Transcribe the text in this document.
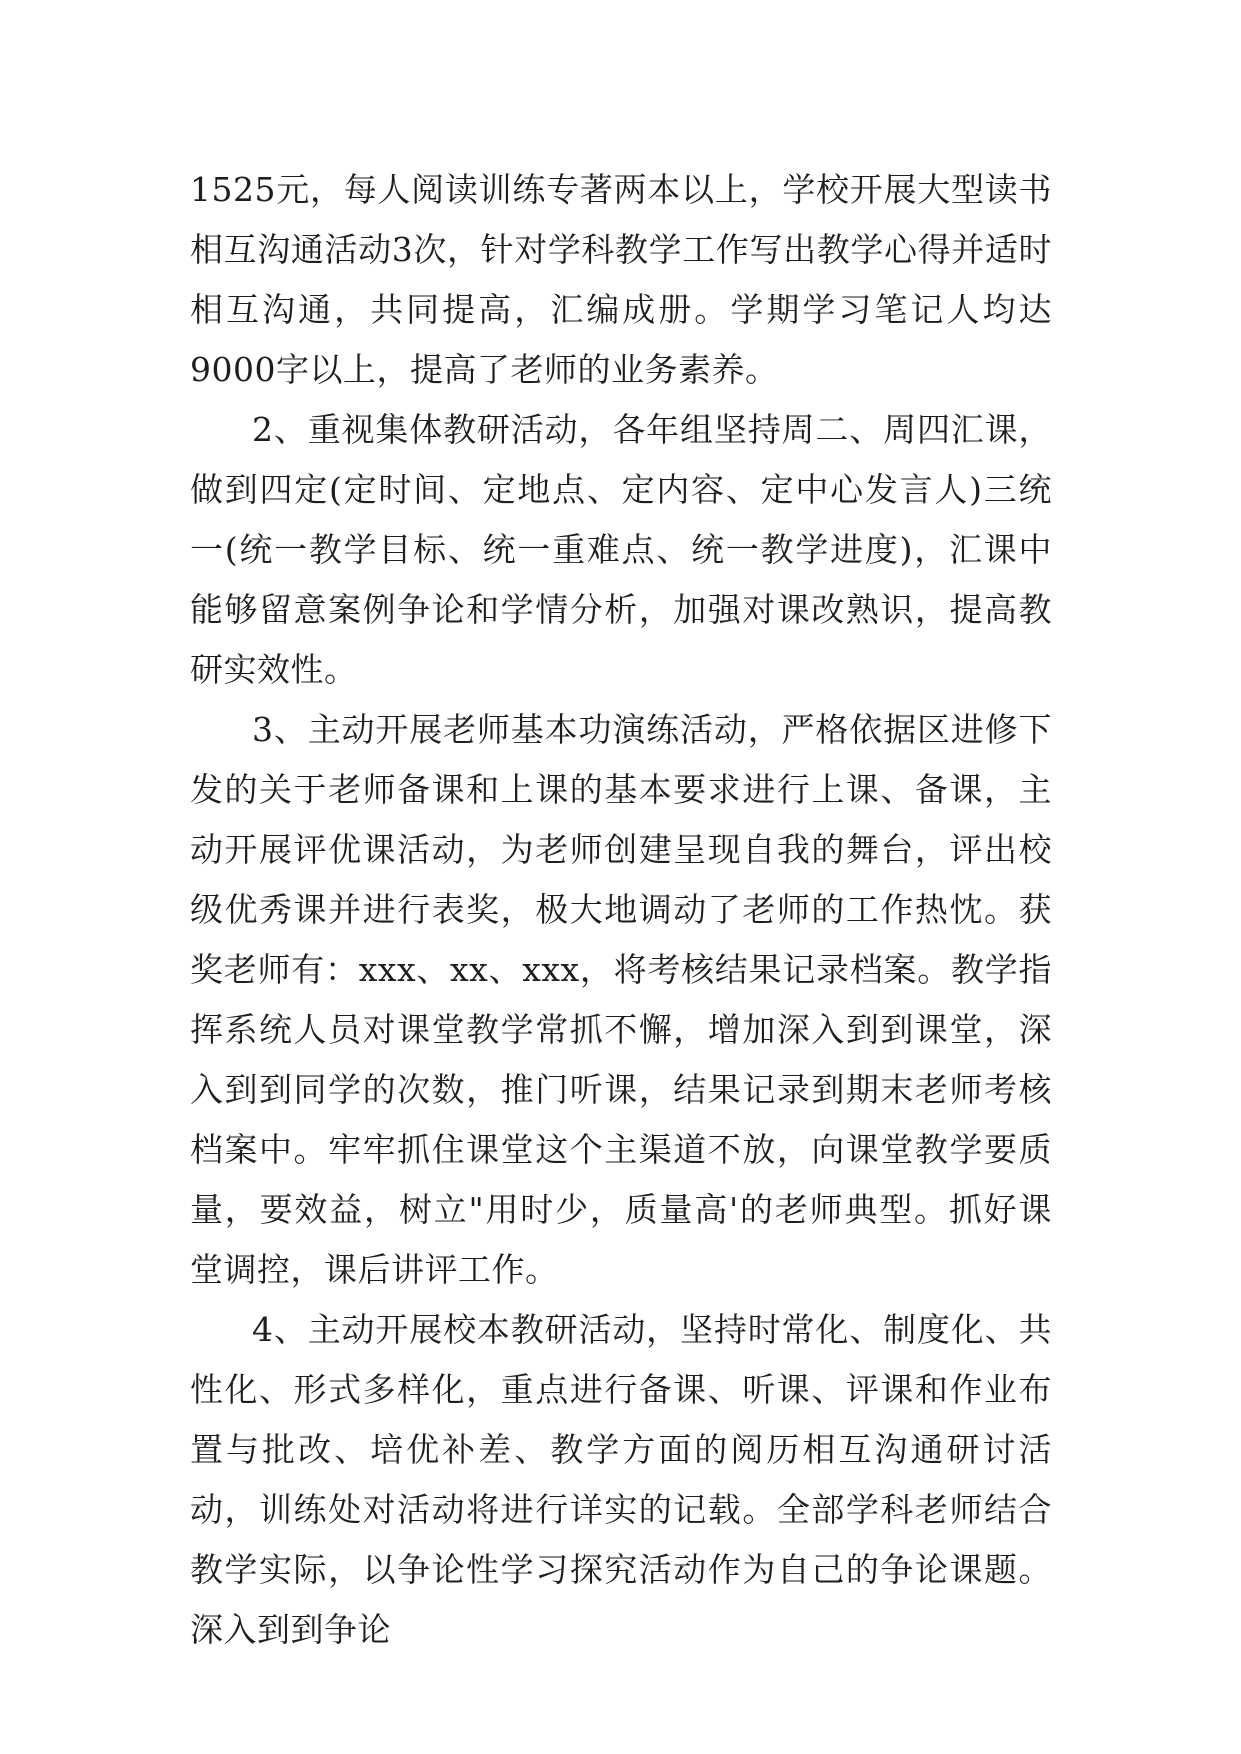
1525元，每人阅读训练专著两本以上，学校开展大型读书相互沟通活动3次，针对学科教学工作写出教学心得并适时相互沟通，共同提高，汇编成册。学期学习笔记人均达9000字以上，提高了老师的业务素养。

2、重视集体教研活动，各年组坚持周二、周四汇课，做到四定(定时间、定地点、定内容、定中心发言人)三统一(统一教学目标、统一重难点、统一教学进度)，汇课中能够留意案例争论和学情分析，加强对课改熟识，提高教研实效性。

3、主动开展老师基本功演练活动，严格依据区进修下发的关于老师备课和上课的基本要求进行上课、备课，主动开展评优课活动，为老师创建呈现自我的舞台，评出校级优秀课并进行表奖，极大地调动了老师的工作热忱。获奖老师有：xxx、xx、xxx，将考核结果记录档案。教学指挥系统人员对课堂教学常抓不懈，增加深入到到课堂，深入到到同学的次数，推门听课，结果记录到期末老师考核档案中。牢牢抓住课堂这个主渠道不放，向课堂教学要质量，要效益，树立"用时少，质量高'的老师典型。抓好课堂调控，课后讲评工作。

4、主动开展校本教研活动，坚持时常化、制度化、共性化、形式多样化，重点进行备课、听课、评课和作业布置与批改、培优补差、教学方面的阅历相互沟通研讨活动，训练处对活动将进行详实的记载。全部学科老师结合教学实际，以争论性学习探究活动作为自己的争论课题。深入到到争论
